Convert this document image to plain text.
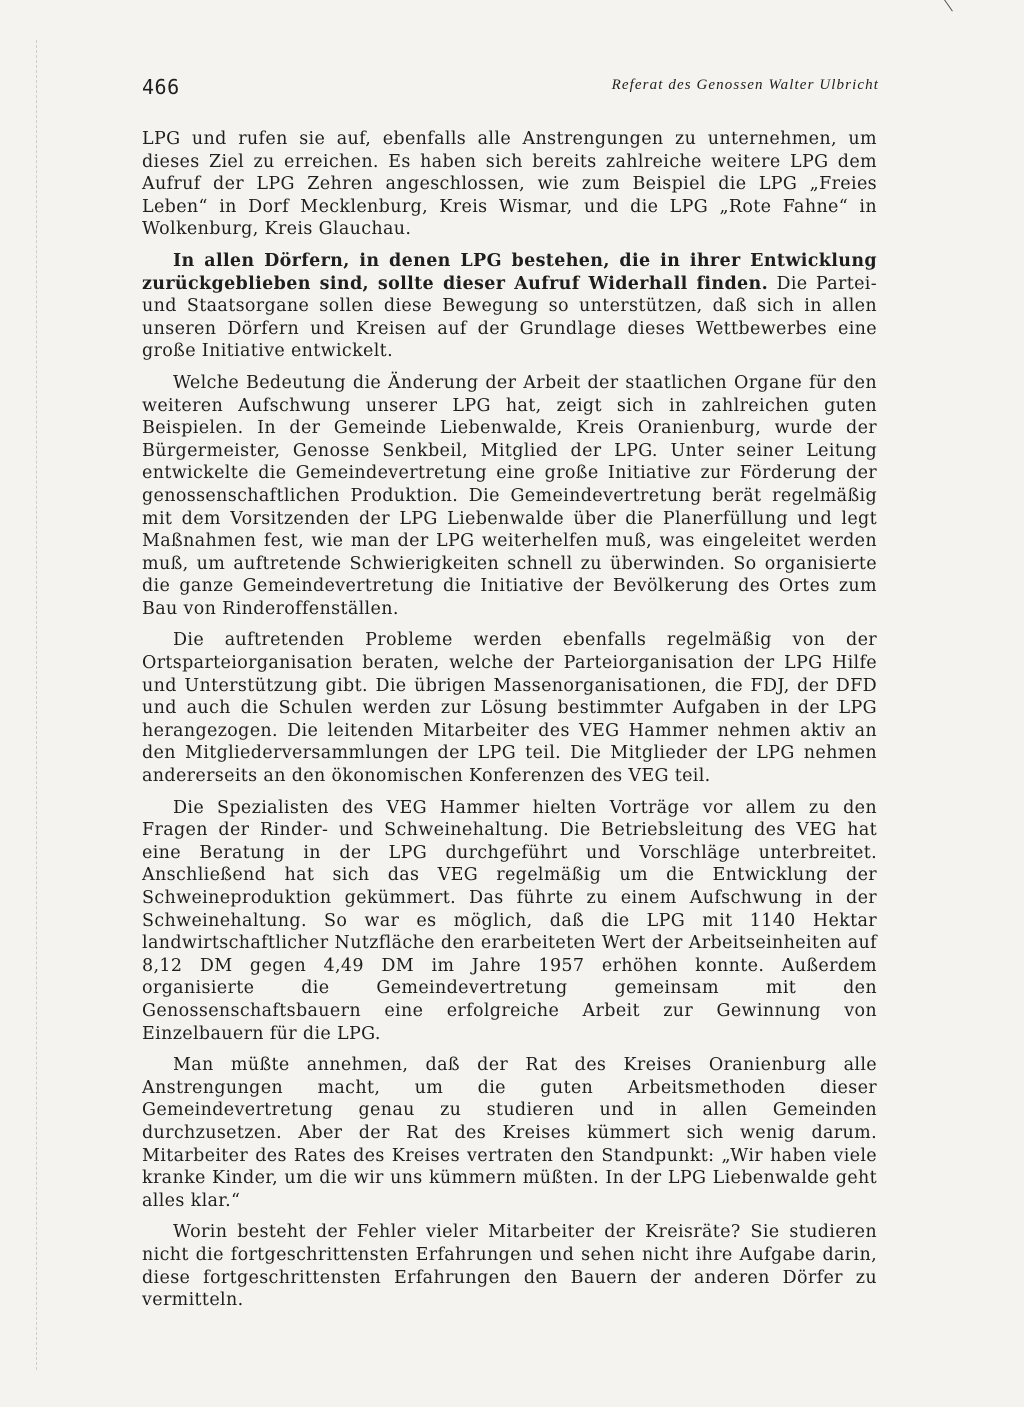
466	Referat des Genossen Walter Ulbricht

LPG und rufen sie auf, ebenfalls alle Anstrengungen zu unternehmen, um dieses Ziel zu erreichen. Es haben sich bereits zahlreiche weitere LPG dem Aufruf der LPG Zehren angeschlossen, wie zum Beispiel die LPG „Freies Leben“ in Dorf Mecklenburg, Kreis Wismar, und die LPG „Rote Fahne“ in Wolkenburg, Kreis Glauchau.

In allen Dörfern, in denen LPG bestehen, die in ihrer Entwicklung zurückgeblieben sind, sollte dieser Aufruf Widerhall finden. Die Partei- und Staatsorgane sollen diese Bewegung so unterstützen, daß sich in allen unseren Dörfern und Kreisen auf der Grundlage dieses Wettbewerbes eine große Initiative entwickelt.

Welche Bedeutung die Änderung der Arbeit der staatlichen Organe für den weiteren Aufschwung unserer LPG hat, zeigt sich in zahlreichen guten Beispielen. In der Gemeinde Liebenwalde, Kreis Oranienburg, wurde der Bürgermeister, Genosse Senkbeil, Mitglied der LPG. Unter seiner Leitung entwickelte die Gemeindevertretung eine große Initiative zur Förderung der genossenschaftlichen Produktion. Die Gemeindevertretung berät regelmäßig mit dem Vorsitzenden der LPG Liebenwalde über die Planerfüllung und legt Maßnahmen fest, wie man der LPG weiterhelfen muß, was eingeleitet werden muß, um auftretende Schwierigkeiten schnell zu überwinden. So organisierte die ganze Gemeindevertretung die Initiative der Bevölkerung des Ortes zum Bau von Rinderoffenställen.

Die auftretenden Probleme werden ebenfalls regelmäßig von der Ortsparteiorganisation beraten, welche der Parteiorganisation der LPG Hilfe und Unterstützung gibt. Die übrigen Massenorganisationen, die FDJ, der DFD und auch die Schulen werden zur Lösung bestimmter Aufgaben in der LPG herangezogen. Die leitenden Mitarbeiter des VEG Hammer nehmen aktiv an den Mitgliederversammlungen der LPG teil. Die Mitglieder der LPG nehmen andererseits an den ökonomischen Konferenzen des VEG teil.

Die Spezialisten des VEG Hammer hielten Vorträge vor allem zu den Fragen der Rinder- und Schweinehaltung. Die Betriebsleitung des VEG hat eine Beratung in der LPG durchgeführt und Vorschläge unterbreitet. Anschließend hat sich das VEG regelmäßig um die Entwicklung der Schweineproduktion gekümmert. Das führte zu einem Aufschwung in der Schweinehaltung. So war es möglich, daß die LPG mit 1140 Hektar landwirtschaftlicher Nutzfläche den erarbeiteten Wert der Arbeitseinheiten auf 8,12 DM gegen 4,49 DM im Jahre 1957 erhöhen konnte. Außerdem organisierte die Gemeindevertretung gemeinsam mit den Genossenschaftsbauern eine erfolgreiche Arbeit zur Gewinnung von Einzelbauern für die LPG.

Man müßte annehmen, daß der Rat des Kreises Oranienburg alle Anstrengungen macht, um die guten Arbeitsmethoden dieser Gemeindevertretung genau zu studieren und in allen Gemeinden durchzusetzen. Aber der Rat des Kreises kümmert sich wenig darum. Mitarbeiter des Rates des Kreises vertraten den Standpunkt: „Wir haben viele kranke Kinder, um die wir uns kümmern müßten. In der LPG Liebenwalde geht alles klar.“

Worin besteht der Fehler vieler Mitarbeiter der Kreisräte? Sie studieren nicht die fortgeschrittensten Erfahrungen und sehen nicht ihre Aufgabe darin, diese fortgeschrittensten Erfahrungen den Bauern der anderen Dörfer zu vermitteln.
